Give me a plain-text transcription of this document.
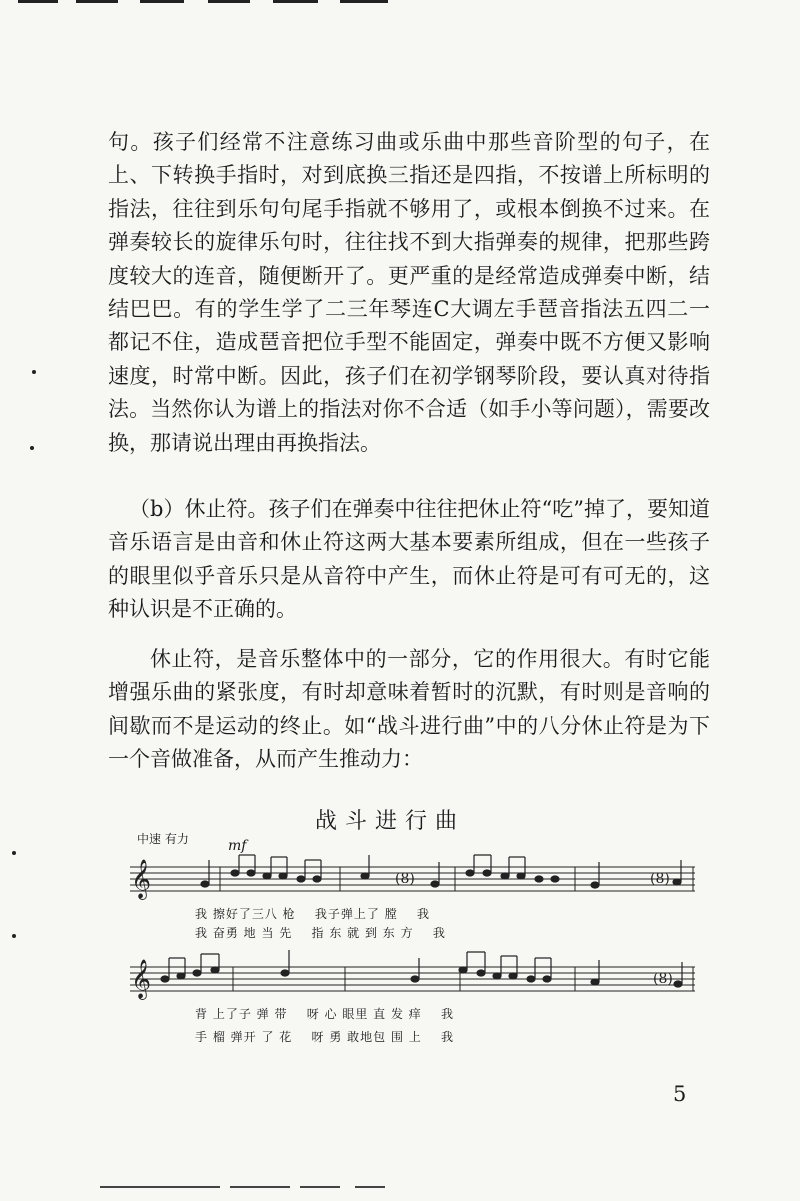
句。孩子们经常不注意练习曲或乐曲中那些音阶型的句子，在上、下转换手指时，对到底换三指还是四指，不按谱上所标明的指法，往往到乐句句尾手指就不够用了，或根本倒换不过来。在弹奏较长的旋律乐句时，往往找不到大指弹奏的规律，把那些跨度较大的连音，随便断开了。更严重的是经常造成弹奏中断，结结巴巴。有的学生学了二三年琴连C大调左手琶音指法五四二一都记不住，造成琶音把位手型不能固定，弹奏中既不方便又影响速度，时常中断。因此，孩子们在初学钢琴阶段，要认真对待指法。当然你认为谱上的指法对你不合适（如手小等问题），需要改换，那请说出理由再换指法。

（b）休止符。孩子们在弹奏中往往把休止符“吃”掉了，要知道音乐语言是由音和休止符这两大基本要素所组成，但在一些孩子的眼里似乎音乐只是从音符中产生，而休止符是可有可无的，这种认识是不正确的。

休止符，是音乐整体中的一部分，它的作用很大。有时它能增强乐曲的紧张度，有时却意味着暂时的沉默，有时则是音响的间歇而不是运动的终止。如“战斗进行曲”中的八分休止符是为下一个音做准备，从而产生推动力：

战斗进行曲
中速 有力	mf
𝄞
𝄞
(8)	(8)
(8)
我 擦好了三八 枪    我子弹上了 膛    我
我 奋勇 地 当 先    指 东 就 到 东 方    我
背 上了子 弹 带    呀 心 眼里 直 发 痒    我
手 榴 弹开 了 花    呀 勇 敢地包 围 上    我
5
